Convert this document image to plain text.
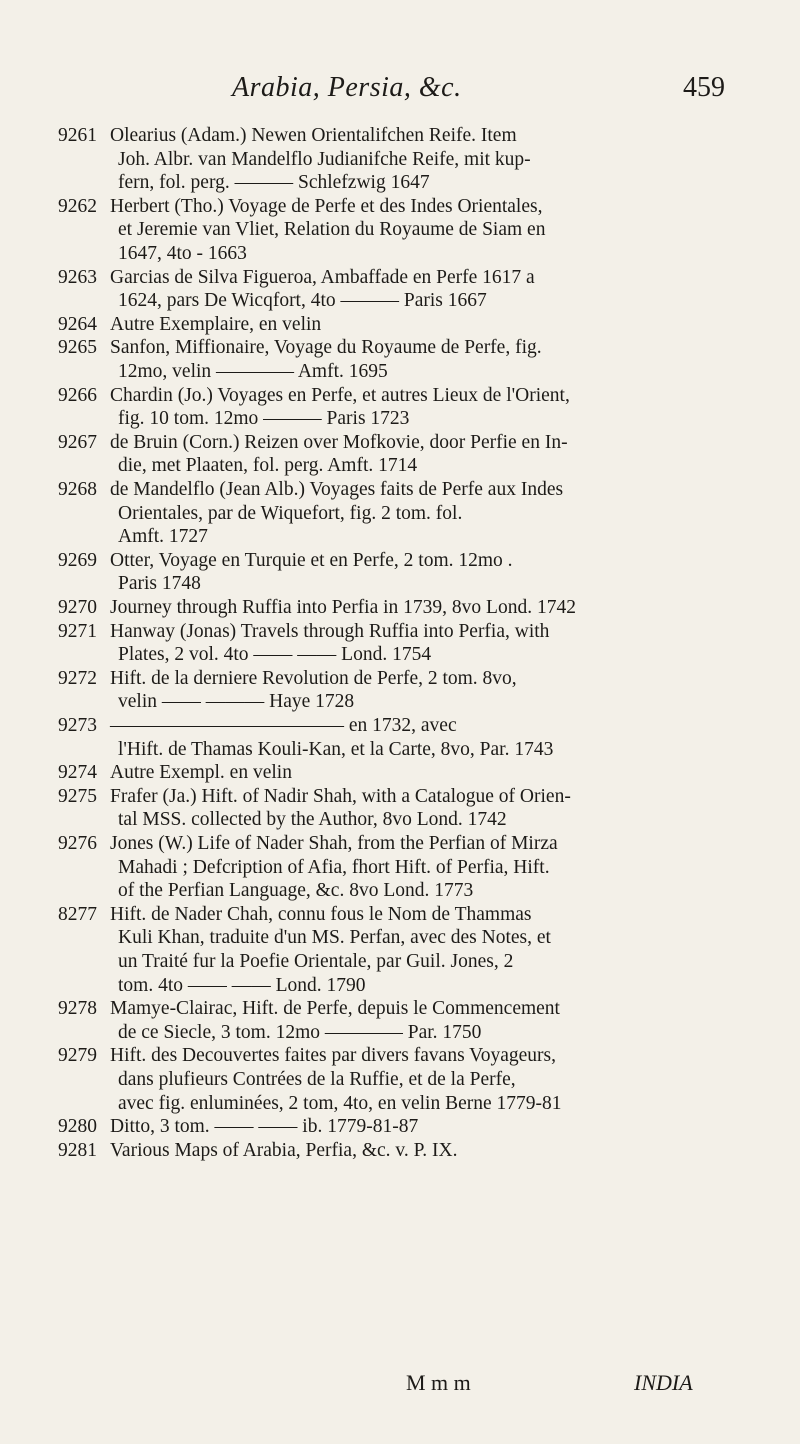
Arabia, Persia, &c.	459
9261 Olearius (Adam.) Newen Orientalifchen Reife. Item
Joh. Albr. van Mandelflo Judianifche Reife, mit kup-
fern, fol. perg. ——— Schlefzwig 1647
9262 Herbert (Tho.) Voyage de Perfe et des Indes Orientales,
et Jeremie van Vliet, Relation du Royaume de Siam en
1647, 4to - 1663
9263 Garcias de Silva Figueroa, Ambaffade en Perfe 1617 a
1624, pars De Wicqfort, 4to ——— Paris 1667
9264 Autre Exemplaire, en velin
9265 Sanfon, Miffionaire, Voyage du Royaume de Perfe, fig.
12mo, velin ———— Amft. 1695
9266 Chardin (Jo.) Voyages en Perfe, et autres Lieux de l'Orient,
fig. 10 tom. 12mo ——— Paris 1723
9267 de Bruin (Corn.) Reizen over Mofkovie, door Perfie en In-
die, met Plaaten, fol. perg. Amft. 1714
9268 de Mandelflo (Jean Alb.) Voyages faits de Perfe aux Indes
Orientales, par de Wiquefort, fig. 2 tom. fol.
Amft. 1727
9269 Otter, Voyage en Turquie et en Perfe, 2 tom. 12mo .
Paris 1748
9270 Journey through Ruffia into Perfia in 1739, 8vo Lond. 1742
9271 Hanway (Jonas) Travels through Ruffia into Perfia, with
Plates, 2 vol. 4to —— —— Lond. 1754
9272 Hift. de la derniere Revolution de Perfe, 2 tom. 8vo,
velin —— ——— Haye 1728
9273 ———————————— en 1732, avec
l'Hift. de Thamas Kouli-Kan, et la Carte, 8vo, Par. 1743
9274 Autre Exempl. en velin
9275 Frafer (Ja.) Hift. of Nadir Shah, with a Catalogue of Orien-
tal MSS. collected by the Author, 8vo Lond. 1742
9276 Jones (W.) Life of Nader Shah, from the Perfian of Mirza
Mahadi ; Defcription of Afia, fhort Hift. of Perfia, Hift.
of the Perfian Language, &c. 8vo Lond. 1773
8277 Hift. de Nader Chah, connu fous le Nom de Thammas
Kuli Khan, traduite d'un MS. Perfan, avec des Notes, et
un Traité fur la Poefie Orientale, par Guil. Jones, 2
tom. 4to —— —— Lond. 1790
9278 Mamye-Clairac, Hift. de Perfe, depuis le Commencement
de ce Siecle, 3 tom. 12mo ———— Par. 1750
9279 Hift. des Decouvertes faites par divers favans Voyageurs,
dans plufieurs Contrées de la Ruffie, et de la Perfe,
avec fig. enluminées, 2 tom, 4to, en velin Berne 1779-81
9280 Ditto, 3 tom. —— —— ib. 1779-81-87
9281 Various Maps of Arabia, Perfia, &c. v. P. IX.
M m m	INDIA
